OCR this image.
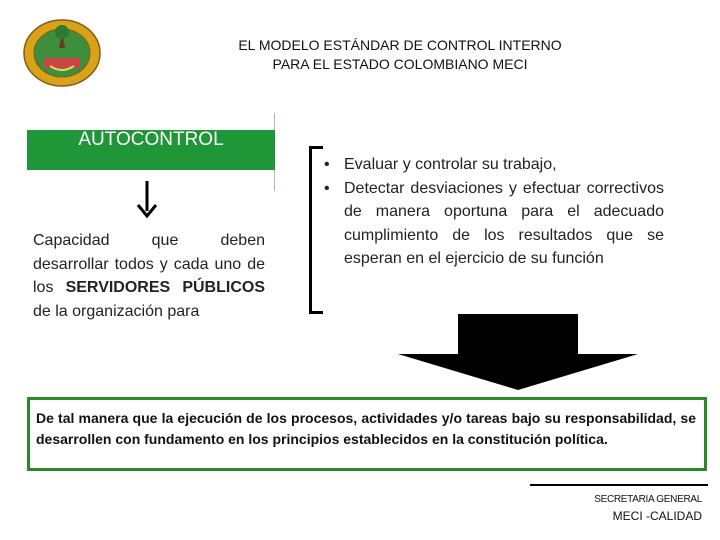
EL MODELO ESTÁNDAR DE CONTROL INTERNO
PARA EL ESTADO COLOMBIANO MECI
AUTOCONTROL
Capacidad que deben desarrollar todos y cada uno de los SERVIDORES PÚBLICOS de la organización para
• Evaluar y controlar su trabajo,
• Detectar desviaciones y efectuar correctivos de manera oportuna para el adecuado cumplimiento de los resultados que se esperan en el ejercicio de su función
De tal manera que la ejecución de los procesos, actividades y/o tareas bajo su responsabilidad, se desarrollen con fundamento en los principios establecidos en la constitución política.
SECRETARIA GENERAL
MECI -CALIDAD
